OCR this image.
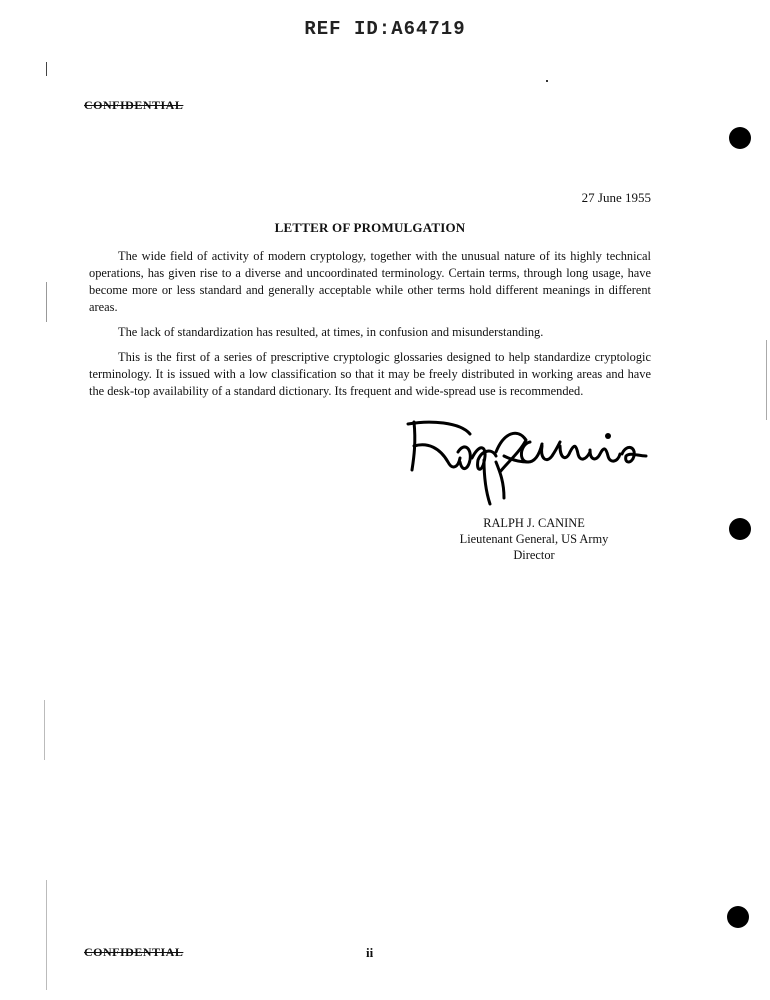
REF ID:A64719
CONFIDENTIAL
27 June 1955
LETTER OF PROMULGATION

The wide field of activity of modern cryptology, together with the unusual nature of its highly technical operations, has given rise to a diverse and uncoordinated terminology. Certain terms, through long usage, have become more or less standard and generally acceptable while other terms hold different meanings in different areas.

The lack of standardization has resulted, at times, in confusion and misunderstanding.

This is the first of a series of prescriptive cryptologic glossaries designed to help standardize cryptologic terminology. It is issued with a low classification so that it may be freely distributed in working areas and have the desk-top availability of a standard dictionary. Its frequent and wide-spread use is recommended.

RALPH J. CANINE
Lieutenant General, US Army
Director
CONFIDENTIAL	ii
